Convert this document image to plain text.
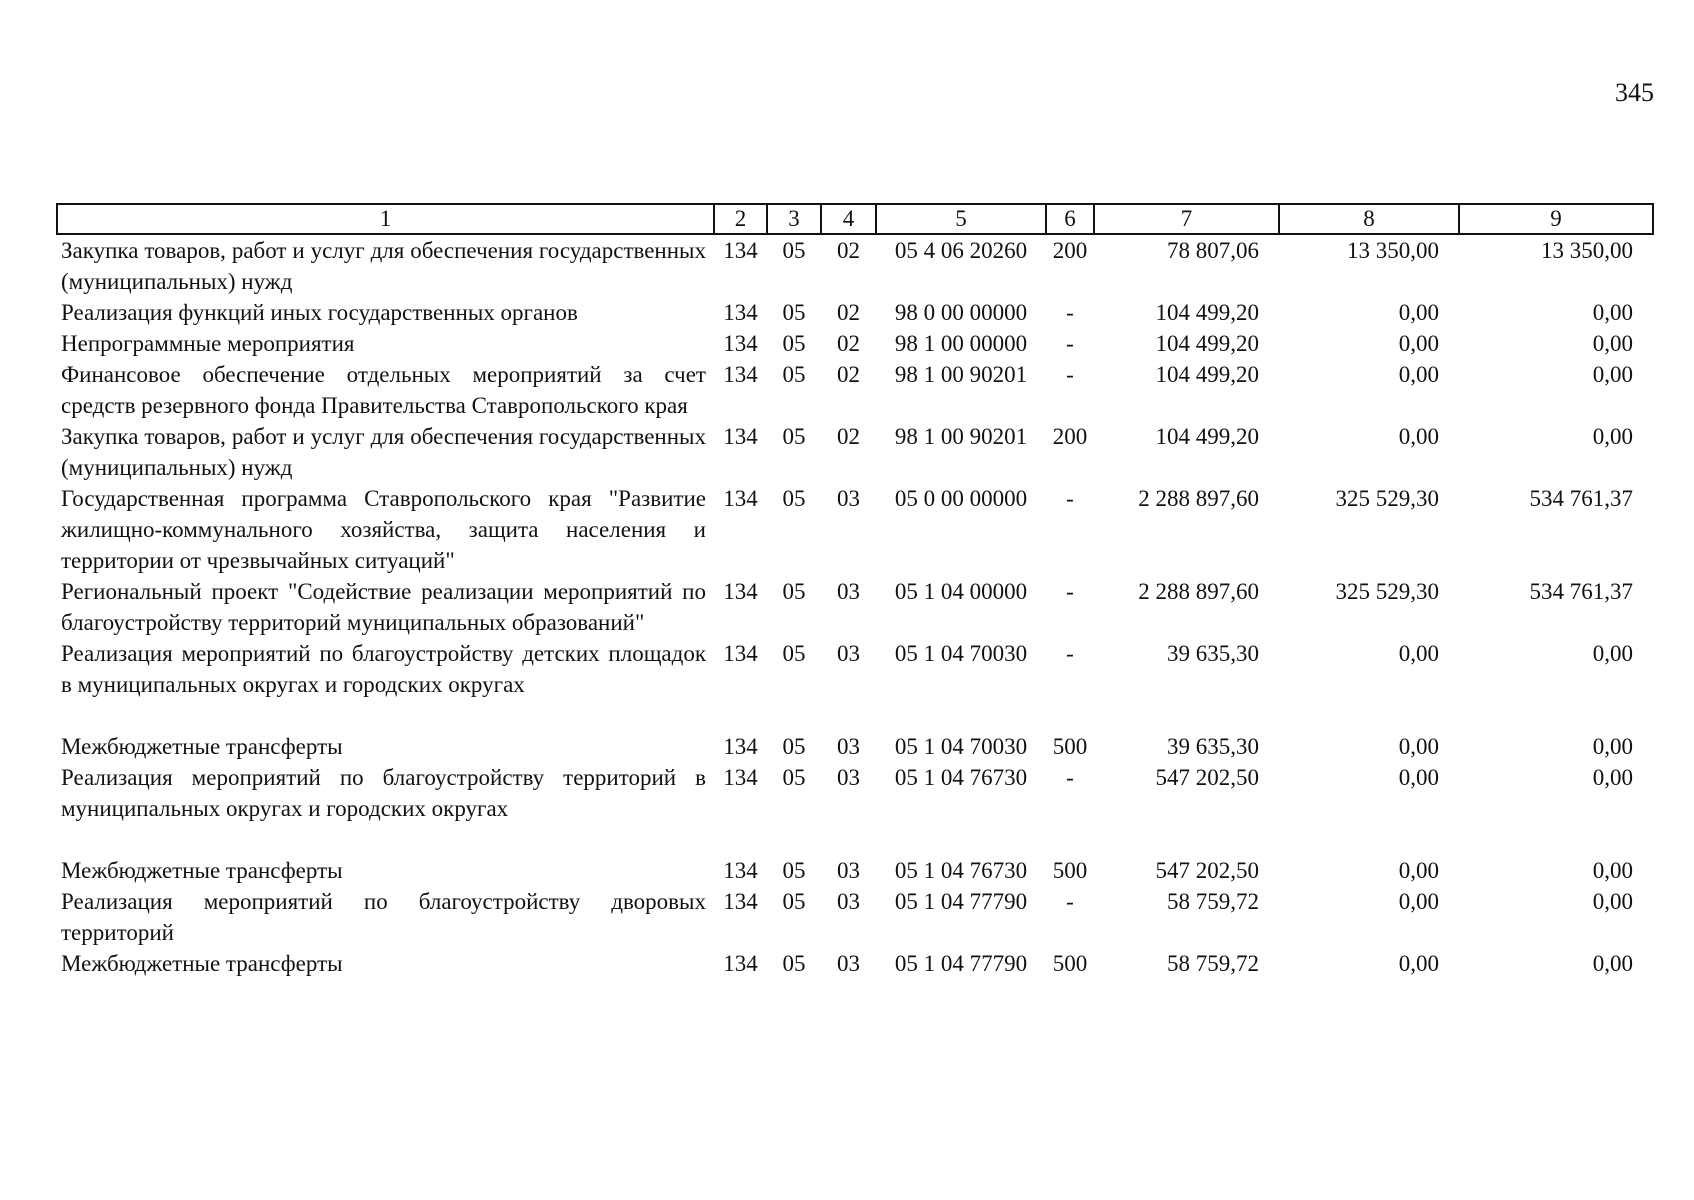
345
1	2	3	4	5	6	7	8	9
Закупка товаров, работ и услуг для обеспечения государственных (муниципальных) нужд	134	05	02	05 4 06 20260	200	78 807,06	13 350,00	13 350,00
Реализация функций иных государственных органов	134	05	02	98 0 00 00000	-	104 499,20	0,00	0,00
Непрограммные мероприятия	134	05	02	98 1 00 00000	-	104 499,20	0,00	0,00
Финансовое обеспечение отдельных мероприятий за счет средств резервного фонда Правительства Ставропольского края	134	05	02	98 1 00 90201	-	104 499,20	0,00	0,00
Закупка товаров, работ и услуг для обеспечения государственных (муниципальных) нужд	134	05	02	98 1 00 90201	200	104 499,20	0,00	0,00
Государственная программа Ставропольского края "Развитие жилищно-коммунального хозяйства, защита населения и территории от чрезвычайных ситуаций"	134	05	03	05 0 00 00000	-	2 288 897,60	325 529,30	534 761,37
Региональный проект "Содействие реализации мероприятий по благоустройству территорий муниципальных образований"	134	05	03	05 1 04 00000	-	2 288 897,60	325 529,30	534 761,37
Реализация мероприятий по благоустройству детских площадок в муниципальных округах и городских округах	134	05	03	05 1 04 70030	-	39 635,30	0,00	0,00
Межбюджетные трансферты	134	05	03	05 1 04 70030	500	39 635,30	0,00	0,00
Реализация мероприятий по благоустройству территорий в муниципальных округах и городских округах	134	05	03	05 1 04 76730	-	547 202,50	0,00	0,00
Межбюджетные трансферты	134	05	03	05 1 04 76730	500	547 202,50	0,00	0,00
Реализация мероприятий по благоустройству дворовых территорий	134	05	03	05 1 04 77790	-	58 759,72	0,00	0,00
Межбюджетные трансферты	134	05	03	05 1 04 77790	500	58 759,72	0,00	0,00
